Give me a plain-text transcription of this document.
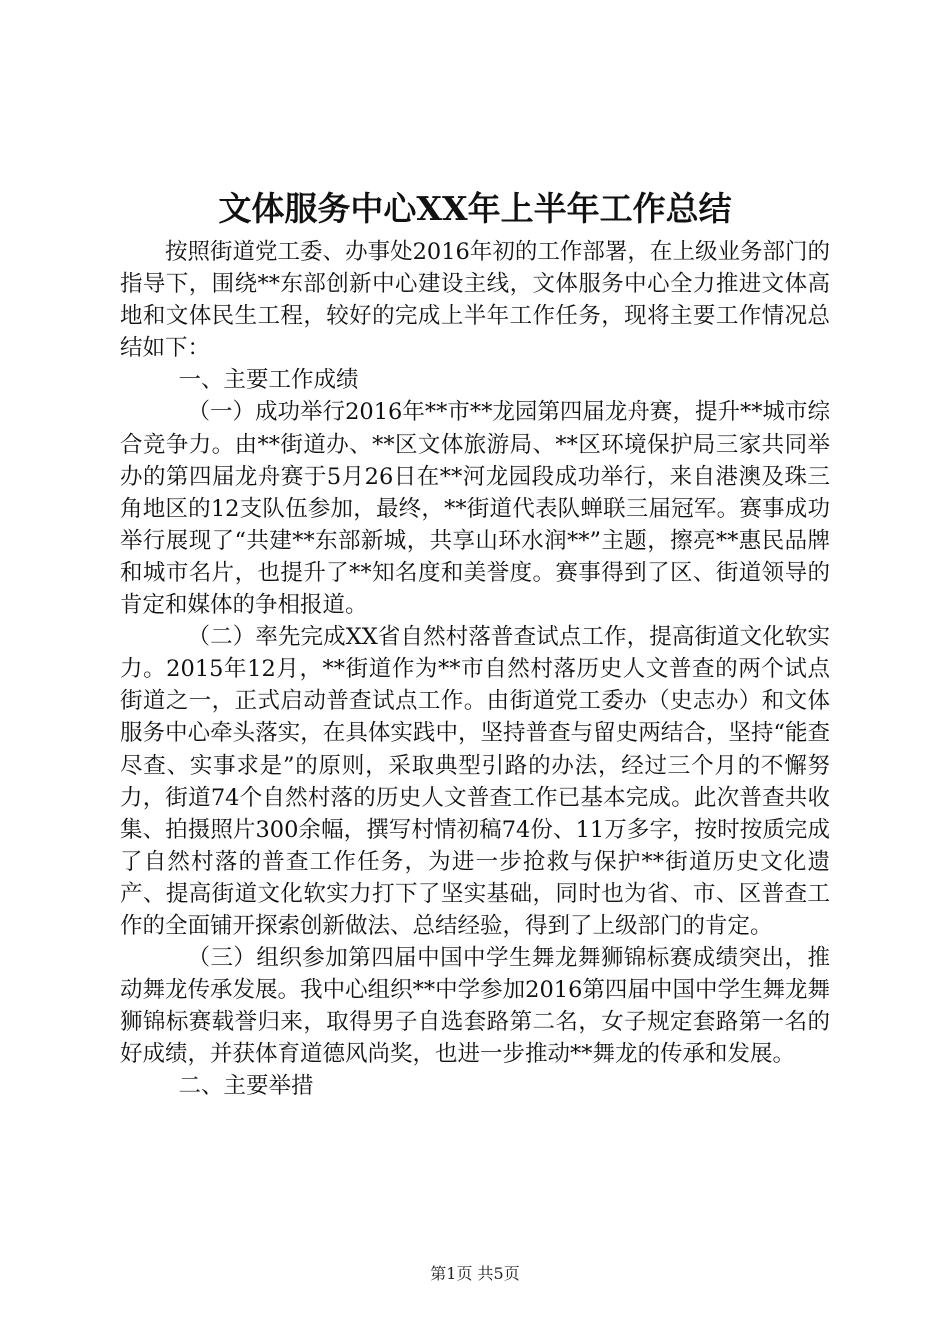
文体服务中心XX年上半年工作总结

按照街道党工委、办事处2016年初的工作部署，在上级业务部门的指导下，围绕**东部创新中心建设主线，文体服务中心全力推进文体高地和文体民生工程，较好的完成上半年工作任务，现将主要工作情况总结如下：

一、主要工作成绩

（一）成功举行2016年**市**龙园第四届龙舟赛，提升**城市综合竞争力。由**街道办、**区文体旅游局、**区环境保护局三家共同举办的第四届龙舟赛于5月26日在**河龙园段成功举行，来自港澳及珠三角地区的12支队伍参加，最终，**街道代表队蝉联三届冠军。赛事成功举行展现了“共建**东部新城，共享山环水润**”主题，擦亮**惠民品牌和城市名片，也提升了**知名度和美誉度。赛事得到了区、街道领导的肯定和媒体的争相报道。

（二）率先完成XX省自然村落普查试点工作，提高街道文化软实力。2015年12月，**街道作为**市自然村落历史人文普查的两个试点街道之一，正式启动普查试点工作。由街道党工委办（史志办）和文体服务中心牵头落实，在具体实践中，坚持普查与留史两结合，坚持“能查尽查、实事求是”的原则，采取典型引路的办法，经过三个月的不懈努力，街道74个自然村落的历史人文普查工作已基本完成。此次普查共收集、拍摄照片300余幅，撰写村情初稿74份、11万多字，按时按质完成了自然村落的普查工作任务，为进一步抢救与保护**街道历史文化遗产、提高街道文化软实力打下了坚实基础，同时也为省、市、区普查工作的全面铺开探索创新做法、总结经验，得到了上级部门的肯定。

（三）组织参加第四届中国中学生舞龙舞狮锦标赛成绩突出，推动舞龙传承发展。我中心组织**中学参加2016第四届中国中学生舞龙舞狮锦标赛载誉归来，取得男子自选套路第二名，女子规定套路第一名的好成绩，并获体育道德风尚奖，也进一步推动**舞龙的传承和发展。

二、主要举措

第1页 共5页
